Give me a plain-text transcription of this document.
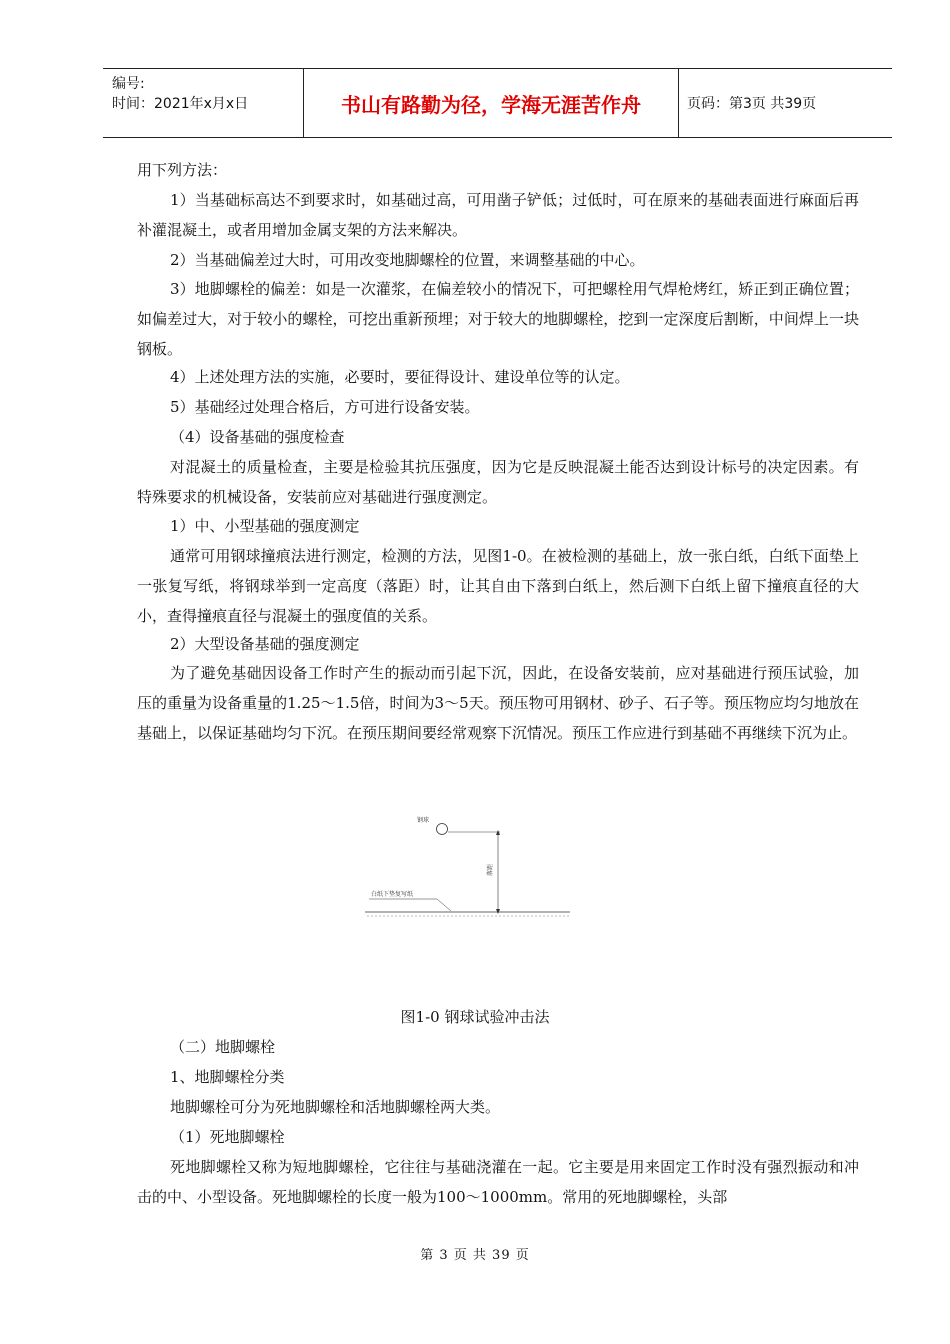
编号:
时间：2021年x月x日	书山有路勤为径，学海无涯苦作舟	页码：第3页 共39页
用下列方法：
1）当基础标高达不到要求时，如基础过高，可用凿子铲低；过低时，可在原来的基础表面进行麻面后再补灌混凝土，或者用增加金属支架的方法来解决。
2）当基础偏差过大时，可用改变地脚螺栓的位置，来调整基础的中心。
3）地脚螺栓的偏差：如是一次灌浆，在偏差较小的情况下，可把螺栓用气焊枪烤红，矫正到正确位置；如偏差过大，对于较小的螺栓，可挖出重新预埋；对于较大的地脚螺栓，挖到一定深度后割断，中间焊上一块钢板。
4）上述处理方法的实施，必要时，要征得设计、建设单位等的认定。
5）基础经过处理合格后，方可进行设备安装。
（4）设备基础的强度检查
对混凝土的质量检查，主要是检验其抗压强度，因为它是反映混凝土能否达到设计标号的决定因素。有特殊要求的机械设备，安装前应对基础进行强度测定。
1）中、小型基础的强度测定
通常可用钢球撞痕法进行测定，检测的方法，见图1-0。在被检测的基础上，放一张白纸，白纸下面垫上一张复写纸，将钢球举到一定高度（落距）时，让其自由下落到白纸上，然后测下白纸上留下撞痕直径的大小，查得撞痕直径与混凝土的强度值的关系。
2）大型设备基础的强度测定
为了避免基础因设备工作时产生的振动而引起下沉，因此，在设备安装前，应对基础进行预压试验，加压的重量为设备重量的1.25～1.5倍，时间为3～5天。预压物可用钢材、砂子、石子等。预压物应均匀地放在基础上，以保证基础均匀下沉。在预压期间要经常观察下沉情况。预压工作应进行到基础不再继续下沉为止。
钢球
落距
白纸下垫复写纸
图1-0 钢球试验冲击法
（二）地脚螺栓
1、地脚螺栓分类
地脚螺栓可分为死地脚螺栓和活地脚螺栓两大类。
（1）死地脚螺栓
死地脚螺栓又称为短地脚螺栓，它往往与基础浇灌在一起。它主要是用来固定工作时没有强烈振动和冲击的中、小型设备。死地脚螺栓的长度一般为100～1000mm。常用的死地脚螺栓，头部
第 3 页 共 39 页
